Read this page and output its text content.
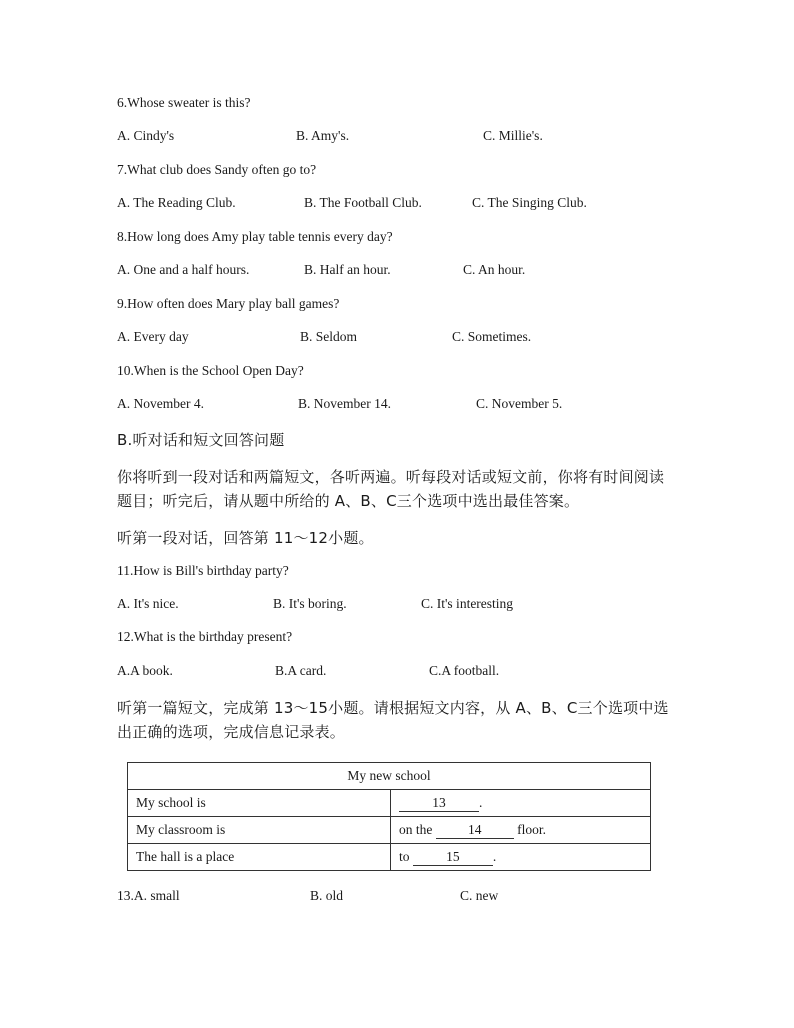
6.Whose sweater is this?
A. Cindy's	B. Amy's.	C. Millie's.
7.What club does Sandy often go to?
A. The Reading Club.	B. The Football Club.	C. The Singing Club.
8.How long does Amy play table tennis every day?
A. One and a half hours.	B. Half an hour.	C. An hour.
9.How often does Mary play ball games?
A. Every day	B. Seldom	C. Sometimes.
10.When is the School Open Day?
A. November 4.	B. November 14.	C. November 5.
B.听对话和短文回答问题
你将听到一段对话和两篇短文，各听两遍。听每段对话或短文前，你将有时间阅读
题目；听完后，请从题中所给的 A、B、C三个选项中选出最佳答案。
听第一段对话，回答第 11～12小题。
11.How is Bill's birthday party?
A. It's nice.	B. It's boring.	C. It's interesting
12.What is the birthday present?
A.A book.	B.A card.	C.A football.
听第一篇短文，完成第 13～15小题。请根据短文内容，从 A、B、C三个选项中选
出正确的选项，完成信息记录表。
My new school	
My school is	13 .
My classroom is	on the 14 floor.
The hall is a place	to 15 .
13.A. small	B. old	C. new
